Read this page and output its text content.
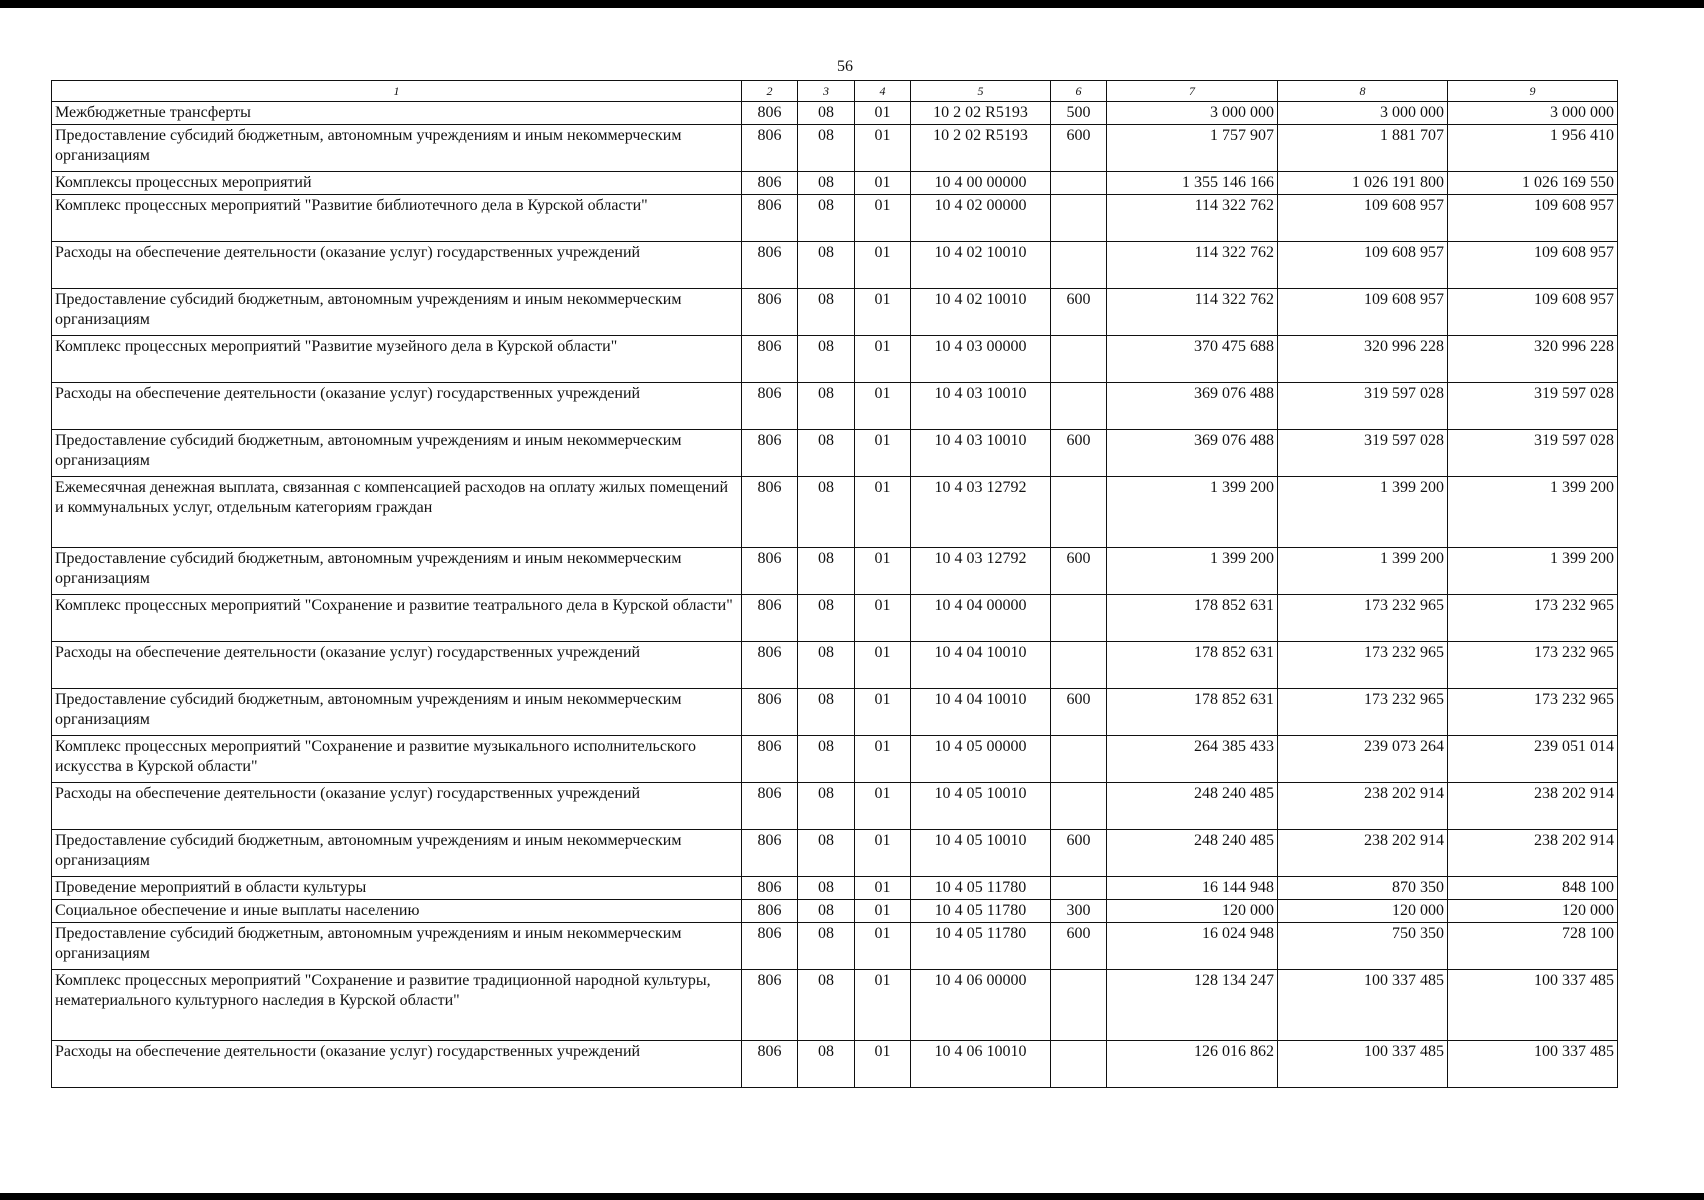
56
1	2	3	4	5	6	7	8	9
Межбюджетные трансферты	806	08	01	10 2 02 R5193	500	3 000 000	3 000 000	3 000 000
Предоставление субсидий бюджетным, автономным учреждениям и иным некоммерческим организациям	806	08	01	10 2 02 R5193	600	1 757 907	1 881 707	1 956 410
Комплексы процессных мероприятий	806	08	01	10 4 00 00000		1 355 146 166	1 026 191 800	1 026 169 550
Комплекс процессных мероприятий "Развитие библиотечного дела в Курской области"	806	08	01	10 4 02 00000		114 322 762	109 608 957	109 608 957
Расходы на обеспечение деятельности (оказание услуг) государственных учреждений	806	08	01	10 4 02 10010		114 322 762	109 608 957	109 608 957
Предоставление субсидий бюджетным, автономным учреждениям и иным некоммерческим организациям	806	08	01	10 4 02 10010	600	114 322 762	109 608 957	109 608 957
Комплекс процессных мероприятий "Развитие музейного дела в Курской области"	806	08	01	10 4 03 00000		370 475 688	320 996 228	320 996 228
Расходы на обеспечение деятельности (оказание услуг) государственных учреждений	806	08	01	10 4 03 10010		369 076 488	319 597 028	319 597 028
Предоставление субсидий бюджетным, автономным учреждениям и иным некоммерческим организациям	806	08	01	10 4 03 10010	600	369 076 488	319 597 028	319 597 028
Ежемесячная денежная выплата, связанная с компенсацией расходов на оплату жилых помещений и коммунальных услуг, отдельным категориям граждан	806	08	01	10 4 03 12792		1 399 200	1 399 200	1 399 200
Предоставление субсидий бюджетным, автономным учреждениям и иным некоммерческим организациям	806	08	01	10 4 03 12792	600	1 399 200	1 399 200	1 399 200
Комплекс процессных мероприятий "Сохранение и развитие театрального дела в Курской области"	806	08	01	10 4 04 00000		178 852 631	173 232 965	173 232 965
Расходы на обеспечение деятельности (оказание услуг) государственных учреждений	806	08	01	10 4 04 10010		178 852 631	173 232 965	173 232 965
Предоставление субсидий бюджетным, автономным учреждениям и иным некоммерческим организациям	806	08	01	10 4 04 10010	600	178 852 631	173 232 965	173 232 965
Комплекс процессных мероприятий "Сохранение и развитие музыкального исполнительского искусства в Курской области"	806	08	01	10 4 05 00000		264 385 433	239 073 264	239 051 014
Расходы на обеспечение деятельности (оказание услуг) государственных учреждений	806	08	01	10 4 05 10010		248 240 485	238 202 914	238 202 914
Предоставление субсидий бюджетным, автономным учреждениям и иным некоммерческим организациям	806	08	01	10 4 05 10010	600	248 240 485	238 202 914	238 202 914
Проведение мероприятий в области культуры	806	08	01	10 4 05 11780		16 144 948	870 350	848 100
Социальное обеспечение и иные выплаты населению	806	08	01	10 4 05 11780	300	120 000	120 000	120 000
Предоставление субсидий бюджетным, автономным учреждениям и иным некоммерческим организациям	806	08	01	10 4 05 11780	600	16 024 948	750 350	728 100
Комплекс процессных мероприятий "Сохранение и развитие традиционной народной культуры, нематериального культурного наследия в Курской области"	806	08	01	10 4 06 00000		128 134 247	100 337 485	100 337 485
Расходы на обеспечение деятельности (оказание услуг) государственных учреждений	806	08	01	10 4 06 10010		126 016 862	100 337 485	100 337 485
